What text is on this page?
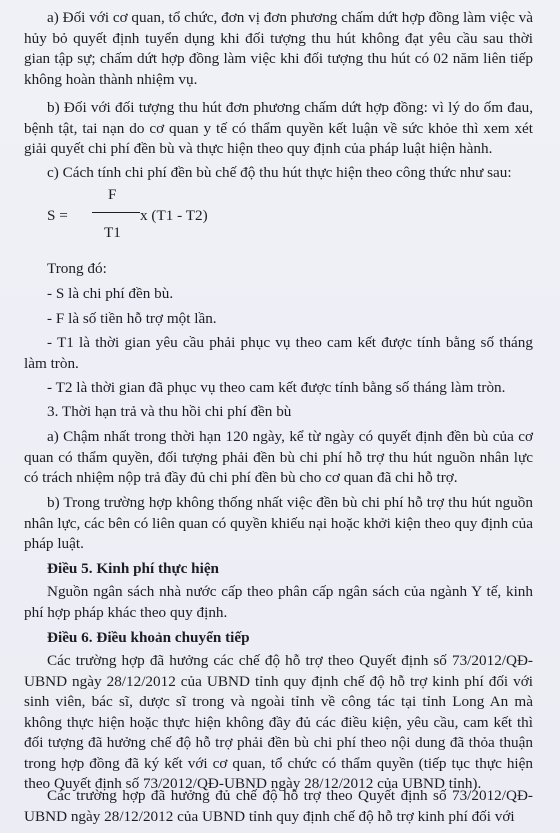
a) Đối với cơ quan, tổ chức, đơn vị đơn phương chấm dứt hợp đồng làm việc và hủy bỏ quyết định tuyển dụng khi đối tượng thu hút không đạt yêu cầu sau thời gian tập sự; chấm dứt hợp đồng làm việc khi đối tượng thu hút có 02 năm liên tiếp không hoàn thành nhiệm vụ.

b) Đối với đối tượng thu hút đơn phương chấm dứt hợp đồng: vì lý do ốm đau, bệnh tật, tai nạn do cơ quan y tế có thẩm quyền kết luận về sức khỏe thì xem xét giải quyết chi phí đền bù và thực hiện theo quy định của pháp luật hiện hành.

c) Cách tính chi phí đền bù chế độ thu hút thực hiện theo công thức như sau:

S =
F
T1
x (T1 - T2)

Trong đó:

- S là chi phí đền bù.

- F là số tiền hỗ trợ một lần.

- T1 là thời gian yêu cầu phải phục vụ theo cam kết được tính bằng số tháng làm tròn.

- T2 là thời gian đã phục vụ theo cam kết được tính bằng số tháng làm tròn.

3. Thời hạn trả và thu hồi chi phí đền bù

a) Chậm nhất trong thời hạn 120 ngày, kể từ ngày có quyết định đền bù của cơ quan có thẩm quyền, đối tượng phải đền bù chi phí hỗ trợ thu hút nguồn nhân lực có trách nhiệm nộp trả đầy đủ chi phí đền bù cho cơ quan đã chi hỗ trợ.

b) Trong trường hợp không thống nhất việc đền bù chi phí hỗ trợ thu hút nguồn nhân lực, các bên có liên quan có quyền khiếu nại hoặc khởi kiện theo quy định của pháp luật.

Điều 5. Kinh phí thực hiện

Nguồn ngân sách nhà nước cấp theo phân cấp ngân sách của ngành Y tế, kinh phí hợp pháp khác theo quy định.

Điều 6. Điều khoản chuyển tiếp

Các trường hợp đã hưởng các chế độ hỗ trợ theo Quyết định số 73/2012/QĐ-UBND ngày 28/12/2012 của UBND tỉnh quy định chế độ hỗ trợ kinh phí đối với sinh viên, bác sĩ, dược sĩ trong và ngoài tỉnh về công tác tại tỉnh Long An mà không thực hiện hoặc thực hiện không đầy đủ các điều kiện, yêu cầu, cam kết thì đối tượng đã hưởng chế độ hỗ trợ phải đền bù chi phí theo nội dung đã thỏa thuận trong hợp đồng đã ký kết với cơ quan, tổ chức có thẩm quyền (tiếp tục thực hiện theo Quyết định số 73/2012/QĐ-UBND ngày 28/12/2012 của UBND tỉnh).

Các trường hợp đã hưởng đủ chế độ hỗ trợ theo Quyết định số 73/2012/QĐ-UBND ngày 28/12/2012 của UBND tỉnh quy định chế độ hỗ trợ kinh phí đối với
